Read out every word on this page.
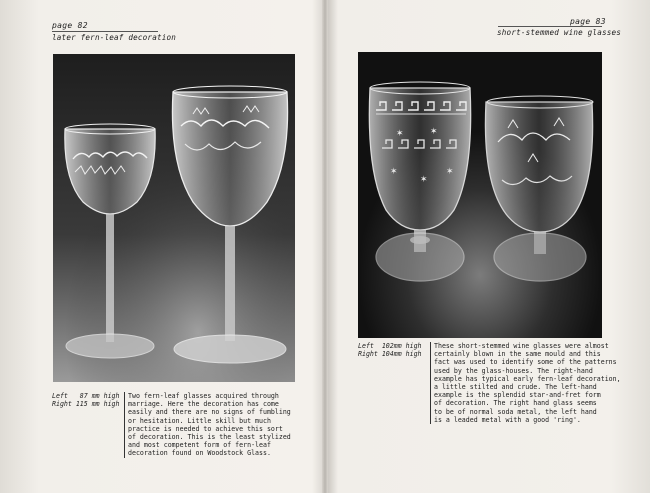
page 82
later fern-leaf decoration
Left   87 mm high
Right 115 mm high
Two fern-leaf glasses acquired through
marriage. Here the decoration has come
easily and there are no signs of fumbling
or hesitation. Little skill but much
practice is needed to achieve this sort
of decoration. This is the least stylized
and most competent form of fern-leaf
decoration found on Woodstock Glass.
page 83
short-stemmed wine glasses
✶	✶
✶
✶
✶
Left  102mm high
Right 104mm high
These short-stemmed wine glasses were almost
certainly blown in the same mould and this
fact was used to identify some of the patterns
used by the glass-houses. The right-hand
example has typical early fern-leaf decoration,
a little stilted and crude. The left-hand
example is the splendid star-and-fret form
of decoration. The right hand glass seems
to be of normal soda metal, the left hand
is a leaded metal with a good 'ring'.
